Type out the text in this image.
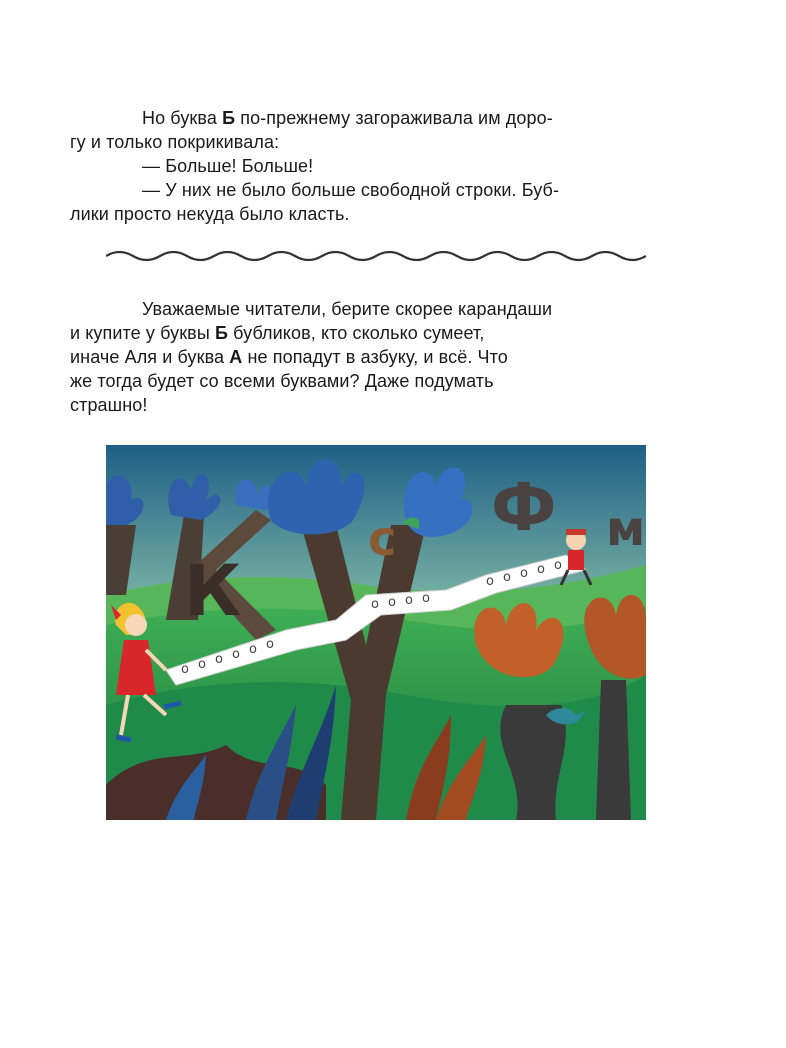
Но буква Б по-прежнему загораживала им доро-
гу и только покрикивала:

— Больше! Больше!

— У них не было больше свободной строки. Буб-
лики просто некуда было класть.

Уважаемые читатели, берите скорее карандаши
и купите у буквы Б бубликов, кто сколько сумеет,
иначе Аля и буква А не попадут в азбуку, и всё. Что
же тогда будет со всеми буквами? Даже подумать
страшно!

К
У
с Ф м
o o o o o o
o o o o
o o o o o
